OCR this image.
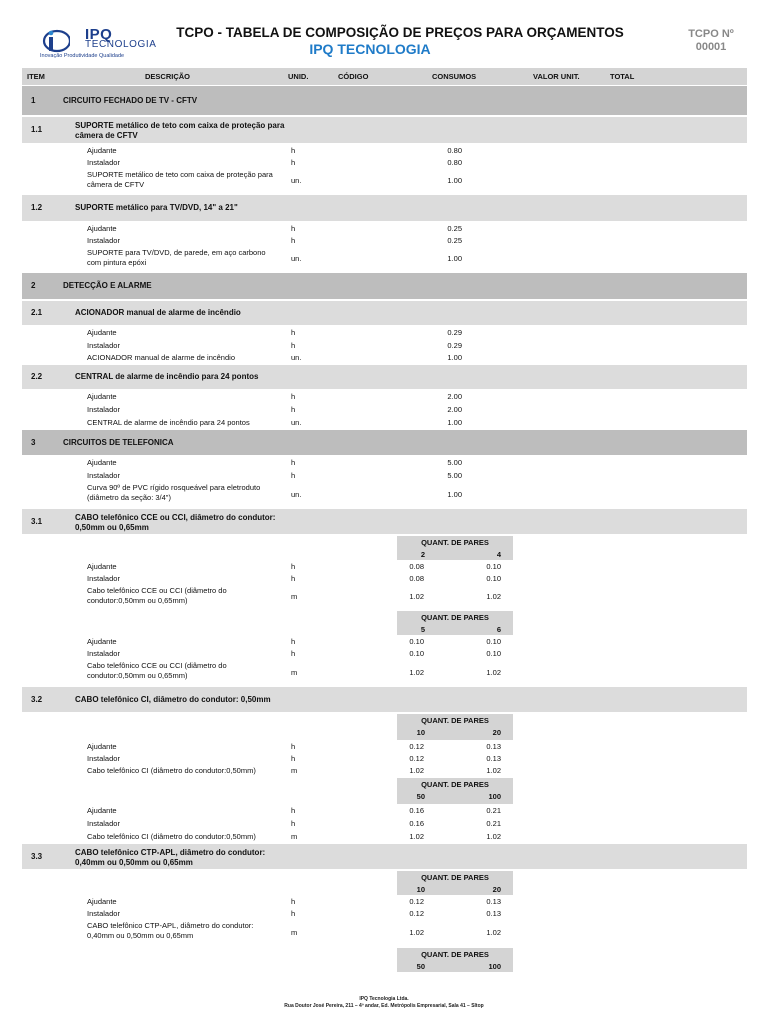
IPQ
TECNOLOGIA
Inovação Produtividade Qualidade
TCPO - TABELA DE COMPOSIÇÃO DE PREÇOS PARA ORÇAMENTOS
IPQ TECNOLOGIA
TCPO Nº
00001
ITEM	DESCRIÇÃO	UNID.	CÓDIGO	CONSUMOS	VALOR UNIT.	TOTAL
1	CIRCUITO FECHADO DE TV - CFTV
1.1	SUPORTE metálico de teto com caixa de proteção para câmera de CFTV
Ajudante	h	0.80
Instalador	h	0.80
SUPORTE metálico de teto com caixa de proteção para câmera de CFTV	un.	1.00
1.2	SUPORTE metálico para TV/DVD, 14" a 21"
Ajudante	h	0.25
Instalador	h	0.25
SUPORTE para TV/DVD, de parede, em aço carbono com pintura epóxi	un.	1.00
2	DETECÇÃO E ALARME
2.1	ACIONADOR manual de alarme de incêndio
Ajudante	h	0.29
Instalador	h	0.29
ACIONADOR manual de alarme de incêndio	un.	1.00
2.2	CENTRAL de alarme de incêndio para 24 pontos
Ajudante	h	2.00
Instalador	h	2.00
CENTRAL de alarme de incêndio para 24 pontos	un.	1.00
3	CIRCUITOS DE TELEFONICA
Ajudante	h	5.00
Instalador	h	5.00
Curva 90º de PVC rígido rosqueável para eletroduto (diâmetro da seção: 3/4")	un.	1.00
3.1	CABO telefônico CCE ou CCI, diâmetro do condutor: 0,50mm ou 0,65mm
QUANT. DE PARES
2	4
Ajudante	h	0.08	0.10
Instalador	h	0.08	0.10
Cabo telefônico CCE ou CCI (diâmetro do condutor:0,50mm ou 0,65mm)	m	1.02	1.02
QUANT. DE PARES
5	6
Ajudante	h	0.10	0.10
Instalador	h	0.10	0.10
Cabo telefônico CCE ou CCI (diâmetro do condutor:0,50mm ou 0,65mm)	m	1.02	1.02
3.2	CABO telefônico CI, diâmetro do condutor: 0,50mm
QUANT. DE PARES
10	20
Ajudante	h	0.12	0.13
Instalador	h	0.12	0.13
Cabo telefônico CI (diâmetro do condutor:0,50mm)	m	1.02	1.02
QUANT. DE PARES
50	100
Ajudante	h	0.16	0.21
Instalador	h	0.16	0.21
Cabo telefônico CI (diâmetro do condutor:0,50mm)	m	1.02	1.02
3.3	CABO telefônico CTP-APL, diâmetro do condutor: 0,40mm ou 0,50mm ou 0,65mm
QUANT. DE PARES
10	20
Ajudante	h	0.12	0.13
Instalador	h	0.12	0.13
CABO telefônico CTP-APL, diâmetro do condutor: 0,40mm ou 0,50mm ou 0,65mm	m	1.02	1.02
QUANT. DE PARES
50	100
IPQ Tecnologia Ltda.
Rua Doutor José Pereira, 211 – 4º andar, Ed. Metrópolis Empresarial, Sala 41 – Sltop
